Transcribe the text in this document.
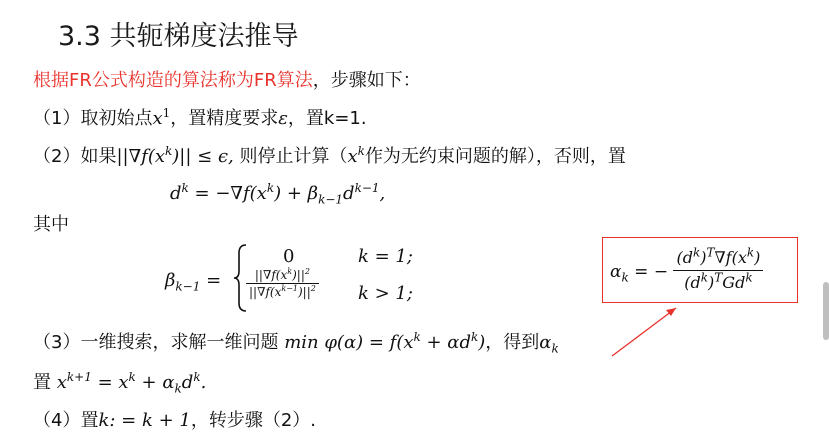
3.3 共轭梯度法推导
根据FR公式构造的算法称为FR算法，步骤如下：
（1）取初始点$x^1$，置精度要求ε，置k=1.
（2）如果$||\nabla f(x^k)|| \le \epsilon$, 则停止计算（$x^k$作为无约束问题的解），否则，置
$d^k = -\nabla f(x^k) + \beta_{k-1}d^{k-1}$,
其中
$\beta_{k-1}$ =
0	k = 1;
$\frac{||\nabla f(x^k)||^2}{||\nabla f(x^{k-1})||^2}$ k > 1;
$\alpha_k$ = − $\frac{(d^k)^T\nabla f(x^k)}{(d^k)^TGd^k}$
（3）一维搜索，求解一维问题 $\min \varphi(\alpha) = f(x^k + \alpha d^k)$，得到$\alpha_k$
置 $x^{k+1} = x^k + \alpha_kd^k$.
（4）置k: = k + 1，转步骤（2）.
